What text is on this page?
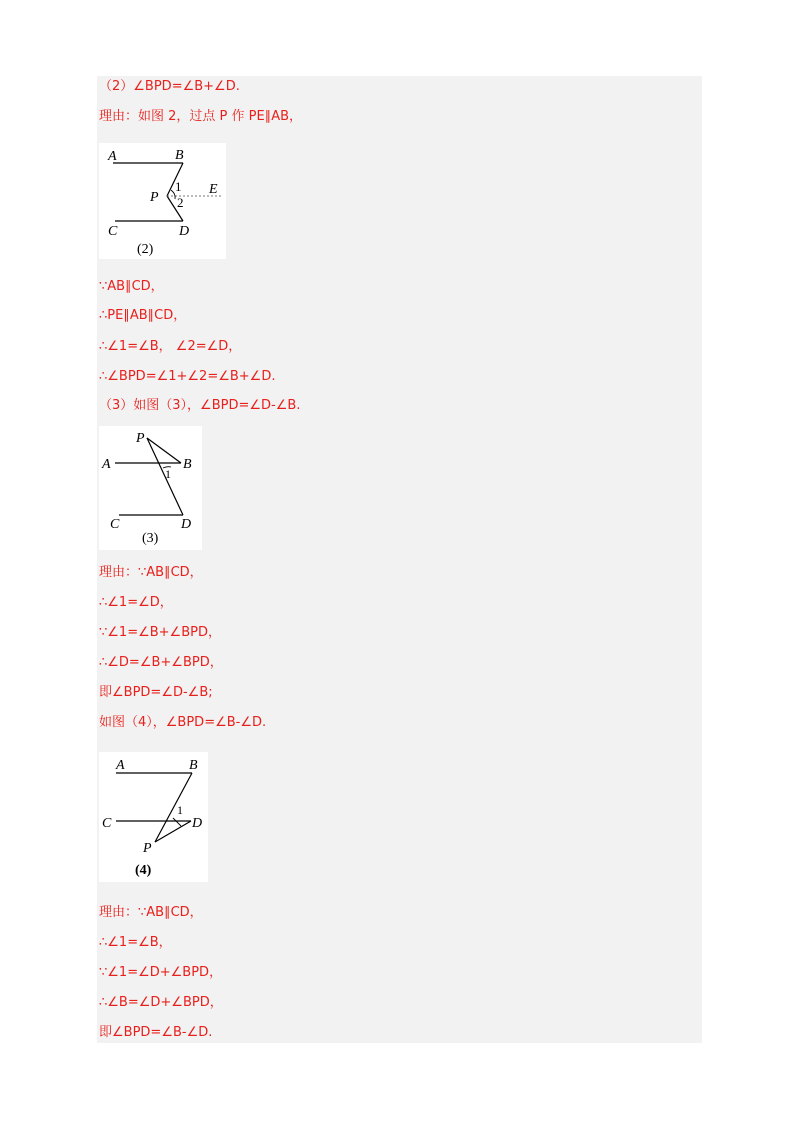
（2）∠BPD=∠B+∠D.
理由：如图 2，过点 P 作 PE∥AB，
A	B
P
1
2
E
C	D
(2)
∵AB∥CD，
∴PE∥AB∥CD，
∴∠1=∠B， ∠2=∠D，
∴∠BPD=∠1+∠2=∠B+∠D.
（3）如图（3），∠BPD=∠D-∠B.
P
A	B
1
C	D
(3)
理由：∵AB∥CD，
∴∠1=∠D，
∵∠1=∠B+∠BPD，
∴∠D=∠B+∠BPD，
即∠BPD=∠D-∠B;
如图（4），∠BPD=∠B-∠D.
A	B
1
C	D
P
(4)
理由：∵AB∥CD，
∴∠1=∠B，
∵∠1=∠D+∠BPD，
∴∠B=∠D+∠BPD，
即∠BPD=∠B-∠D.
